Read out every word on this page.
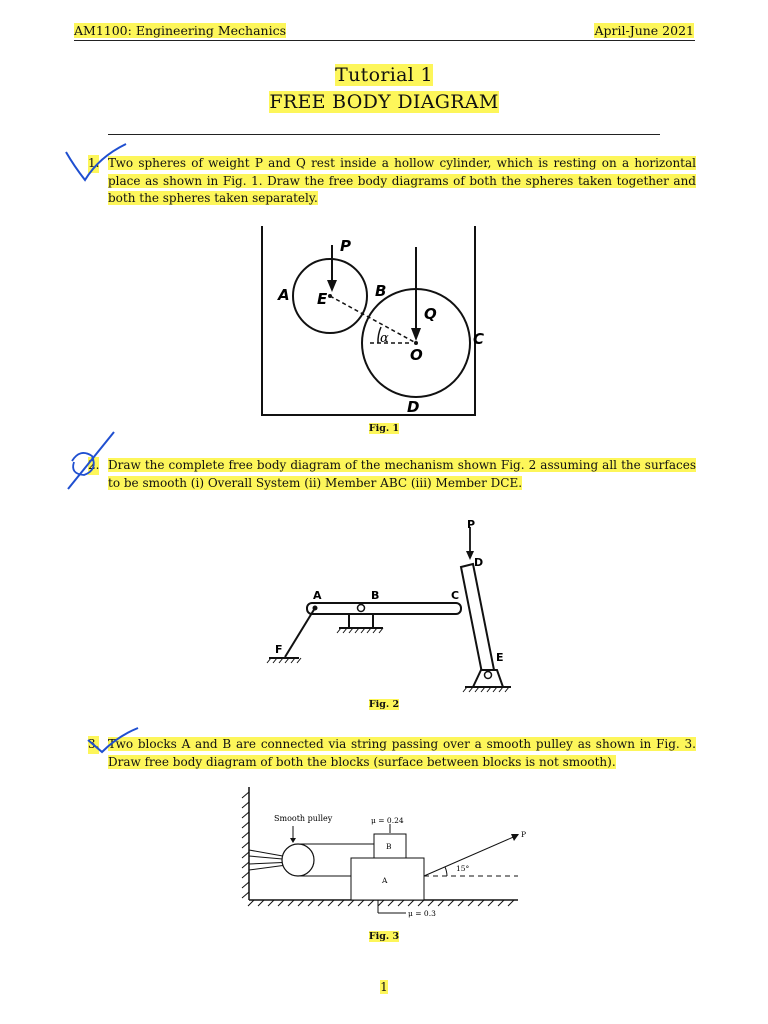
AM1100: Engineering Mechanics	April-June 2021
Tutorial 1
FREE BODY DIAGRAM
1. Two spheres of weight P and Q rest inside a hollow cylinder, which is resting on a horizontal place as shown in Fig. 1. Draw the free body diagrams of both the spheres taken together and both the spheres taken separately.
P
Q
A	B
C
D
E
O
α
Fig. 1
2. Draw the complete free body diagram of the mechanism shown Fig. 2 assuming all the surfaces to be smooth (i) Overall System (ii) Member ABC (iii) Member DCE.
P
D
A	B	C
F
E
Fig. 2
3. Two blocks A and B are connected via string passing over a smooth pulley as shown in Fig. 3. Draw free body diagram of both the blocks (surface between blocks is not smooth).
Smooth pulley	μ = 0.24
B
A
P
15°
μ = 0.3
Fig. 3
1
